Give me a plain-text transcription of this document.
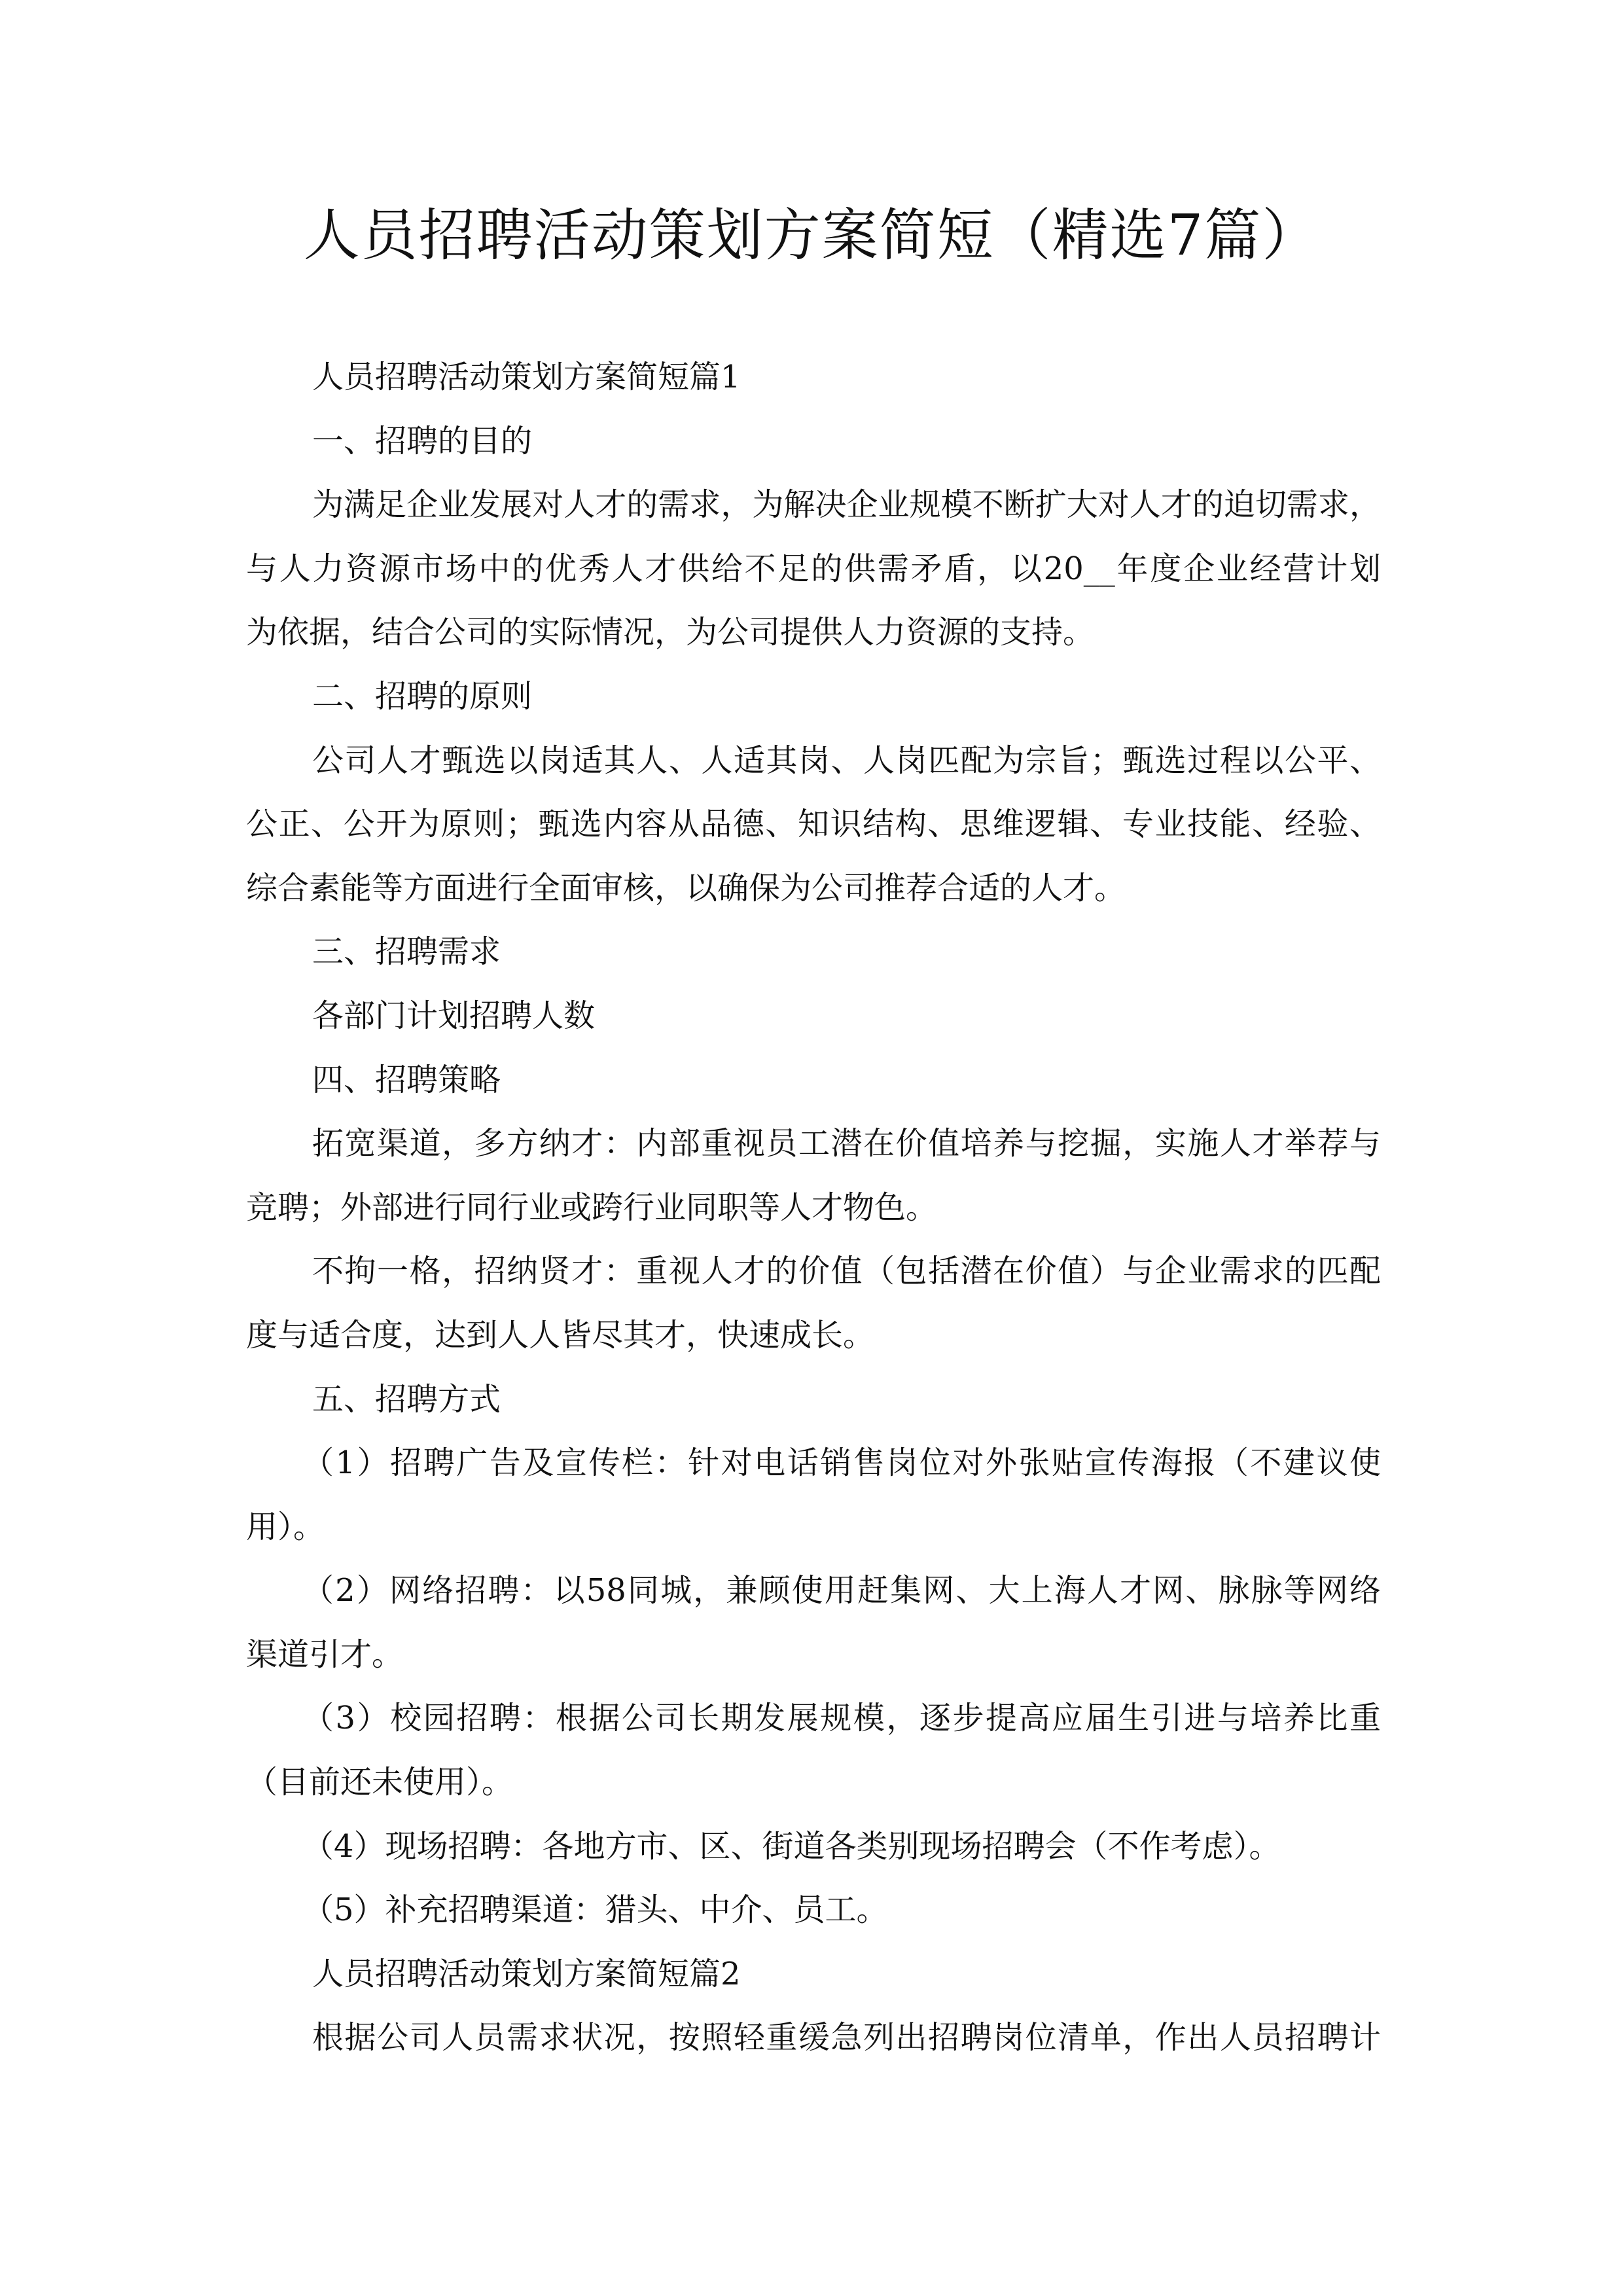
人员招聘活动策划方案简短（精选7篇）
人员招聘活动策划方案简短篇1
一、招聘的目的
为满足企业发展对人才的需求，为解决企业规模不断扩大对人才的迫切需求，
与人力资源市场中的优秀人才供给不足的供需矛盾，以20__年度企业经营计划
为依据，结合公司的实际情况，为公司提供人力资源的支持。
二、招聘的原则
公司人才甄选以岗适其人、人适其岗、人岗匹配为宗旨；甄选过程以公平、
公正、公开为原则；甄选内容从品德、知识结构、思维逻辑、专业技能、经验、
综合素能等方面进行全面审核，以确保为公司推荐合适的人才。
三、招聘需求
各部门计划招聘人数
四、招聘策略
拓宽渠道，多方纳才：内部重视员工潜在价值培养与挖掘，实施人才举荐与
竞聘；外部进行同行业或跨行业同职等人才物色。
不拘一格，招纳贤才：重视人才的价值（包括潜在价值）与企业需求的匹配
度与适合度，达到人人皆尽其才，快速成长。
五、招聘方式
（1）招聘广告及宣传栏：针对电话销售岗位对外张贴宣传海报（不建议使
用）。
（2）网络招聘：以58同城，兼顾使用赶集网、大上海人才网、脉脉等网络
渠道引才。
（3）校园招聘：根据公司长期发展规模，逐步提高应届生引进与培养比重
（目前还未使用）。
（4）现场招聘：各地方市、区、街道各类别现场招聘会（不作考虑）。
（5）补充招聘渠道：猎头、中介、员工。
人员招聘活动策划方案简短篇2
根据公司人员需求状况，按照轻重缓急列出招聘岗位清单，作出人员招聘计
